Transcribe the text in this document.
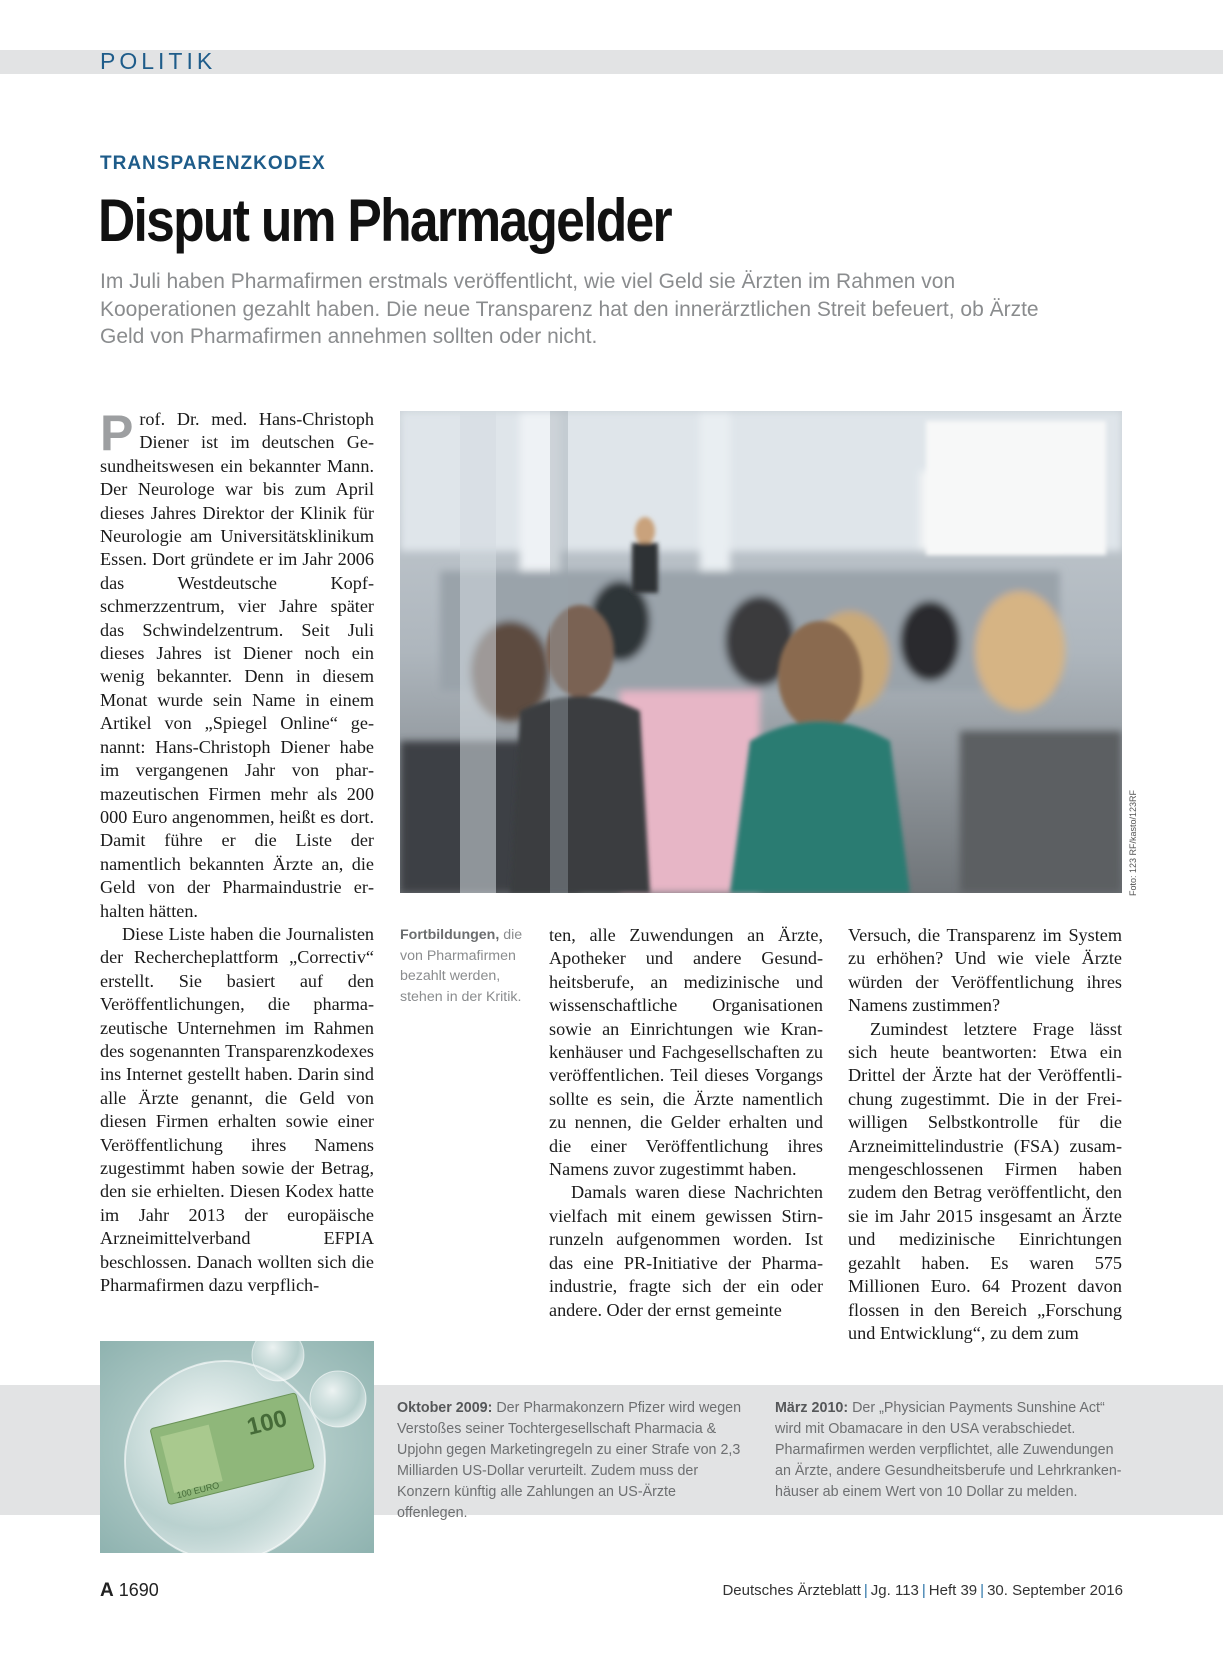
POLITIK
TRANSPARENZKODEX
Disput um Pharmagelder

Im Juli haben Pharmafirmen erstmals veröffentlicht, wie viel Geld sie Ärzten im Rahmen von Kooperationen gezahlt haben. Die neue Transparenz hat den innerärztlichen Streit befeuert, ob Ärzte Geld von Pharmafirmen annehmen sollten oder nicht.

Prof. Dr. med. Hans-Christoph Diener ist im deutschen Gesundheitswesen ein bekannter Mann. Der Neurologe war bis zum April dieses Jahres Direktor der Klinik für Neurologie am Universitätsklinikum Essen. Dort gründete er im Jahr 2006 das Westdeutsche Kopfschmerzzentrum, vier Jahre später das Schwindelzentrum. Seit Juli dieses Jahres ist Diener noch ein wenig bekannter. Denn in diesem Monat wurde sein Name in einem Artikel von „Spiegel Online“ genannt: Hans-Christoph Diener habe im vergangenen Jahr von pharmazeutischen Firmen mehr als 200 000 Euro angenommen, heißt es dort. Damit führe er die Liste der namentlich bekannten Ärzte an, die Geld von der Pharmaindustrie erhalten hätten.

Diese Liste haben die Journalisten der Rechercheplattform „Correctiv“ erstellt. Sie basiert auf den Veröffentlichungen, die pharmazeutische Unternehmen im Rahmen des sogenannten Transparenzkodexes ins Internet gestellt haben. Darin sind alle Ärzte genannt, die Geld von diesen Firmen erhalten sowie einer Veröffentlichung ihres Namens zugestimmt haben sowie der Betrag, den sie erhielten. Diesen Kodex hatte im Jahr 2013 der europäische Arzneimittelverband EFPIA beschlossen. Danach wollten sich die Pharmafirmen dazu verpflich-

Foto: 123 RF/kasto/123RF
Fortbildungen, die von Pharmafirmen bezahlt werden, stehen in der Kritik.

ten, alle Zuwendungen an Ärzte, Apotheker und andere Gesundheitsberufe, an medizinische und wissenschaftliche Organisationen sowie an Einrichtungen wie Krankenhäuser und Fachgesellschaften zu veröffentlichen. Teil dieses Vorgangs sollte es sein, die Ärzte namentlich zu nennen, die Gelder erhalten und die einer Veröffentlichung ihres Namens zuvor zugestimmt haben.

Damals waren diese Nachrichten vielfach mit einem gewissen Stirnrunzeln aufgenommen worden. Ist das eine PR-Initiative der Pharmaindustrie, fragte sich der ein oder andere. Oder der ernst gemeinte

Versuch, die Transparenz im System zu erhöhen? Und wie viele Ärzte würden der Veröffentlichung ihres Namens zustimmen?

Zumindest letztere Frage lässt sich heute beantworten: Etwa ein Drittel der Ärzte hat der Veröffentlichung zugestimmt. Die in der Freiwilligen Selbstkontrolle für die Arzneimittelindustrie (FSA) zusammengeschlossenen Firmen haben zudem den Betrag veröffentlicht, den sie im Jahr 2015 insgesamt an Ärzte und medizinische Einrichtungen gezahlt haben. Es waren 575 Millionen Euro. 64 Prozent davon flossen in den Bereich „Forschung und Entwicklung“, zu dem zum

100
100 EURO
Oktober 2009: Der Pharmakonzern Pfizer wird wegen Verstoßes seiner Tochtergesellschaft Pharmacia & Upjohn gegen Marketingregeln zu einer Strafe von 2,3 Milliarden US-Dollar verurteilt. Zudem muss der Konzern künftig alle Zahlungen an US-Ärzte offenlegen.
März 2010: Der „Physician Payments Sunshine Act“ wird mit Obamacare in den USA verabschiedet. Pharmafirmen werden verpflichtet, alle Zuwendungen an Ärzte, andere Gesundheitsberufe und Lehrkrankenhäuser ab einem Wert von 10 Dollar zu melden.
A 1690	Deutsches Ärzteblatt | Jg. 113 | Heft 39 | 30. September 2016
